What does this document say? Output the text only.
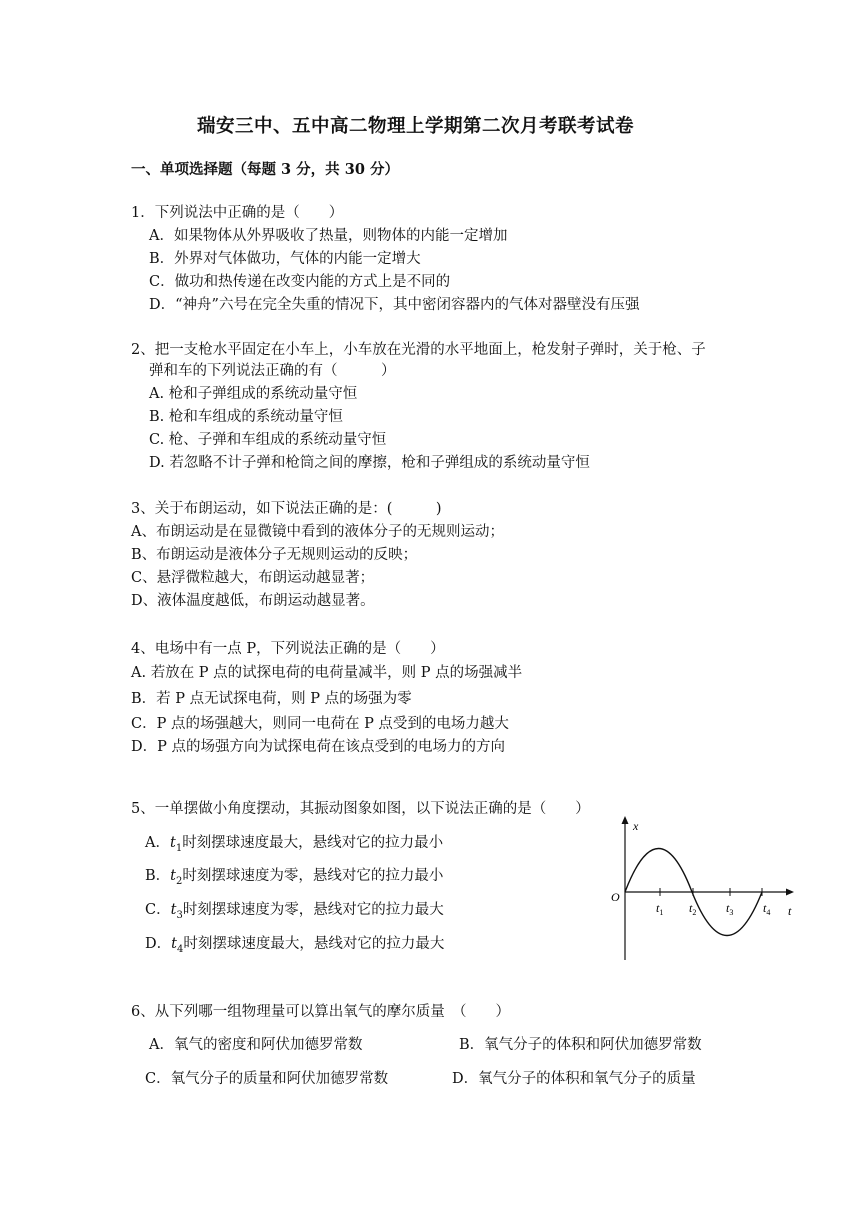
瑞安三中、五中高二物理上学期第二次月考联考试卷
一、单项选择题（每题 3 分，共 30 分）
1．下列说法中正确的是（　　）
A．如果物体从外界吸收了热量，则物体的内能一定增加
B．外界对气体做功，气体的内能一定增大
C．做功和热传递在改变内能的方式上是不同的
D．“神舟”六号在完全失重的情况下，其中密闭容器内的气体对器壁没有压强
2、把一支枪水平固定在小车上，小车放在光滑的水平地面上，枪发射子弹时，关于枪、子
弹和车的下列说法正确的有（　　　）
A. 枪和子弹组成的系统动量守恒
B. 枪和车组成的系统动量守恒
C. 枪、子弹和车组成的系统动量守恒
D. 若忽略不计子弹和枪筒之间的摩擦，枪和子弹组成的系统动量守恒
3、关于布朗运动，如下说法正确的是：(　　　)
A、布朗运动是在显微镜中看到的液体分子的无规则运动；
B、布朗运动是液体分子无规则运动的反映；
C、悬浮微粒越大，布朗运动越显著；
D、液体温度越低，布朗运动越显著。
4、电场中有一点 P，下列说法正确的是（　　）
A. 若放在 P 点的试探电荷的电荷量减半，则 P 点的场强减半
B．若 P 点无试探电荷，则 P 点的场强为零
C．P 点的场强越大，则同一电荷在 P 点受到的电场力越大
D．P 点的场强方向为试探电荷在该点受到的电场力的方向
5、一单摆做小角度摆动，其振动图象如图，以下说法正确的是（　　）
A．$t_1$时刻摆球速度最大，悬线对它的拉力最小
B．$t_2$时刻摆球速度为零，悬线对它的拉力最小
C．$t_3$时刻摆球速度为零，悬线对它的拉力最大
D．$t_4$时刻摆球速度最大，悬线对它的拉力最大
x
O
t
$t_1$ $t_2$ $t_3$ $t_4$
6、从下列哪一组物理量可以算出氧气的摩尔质量　（　　）
A．氧气的密度和阿伏加德罗常数	B．氧气分子的体积和阿伏加德罗常数
C．氧气分子的质量和阿伏加德罗常数	D．氧气分子的体积和氧气分子的质量
